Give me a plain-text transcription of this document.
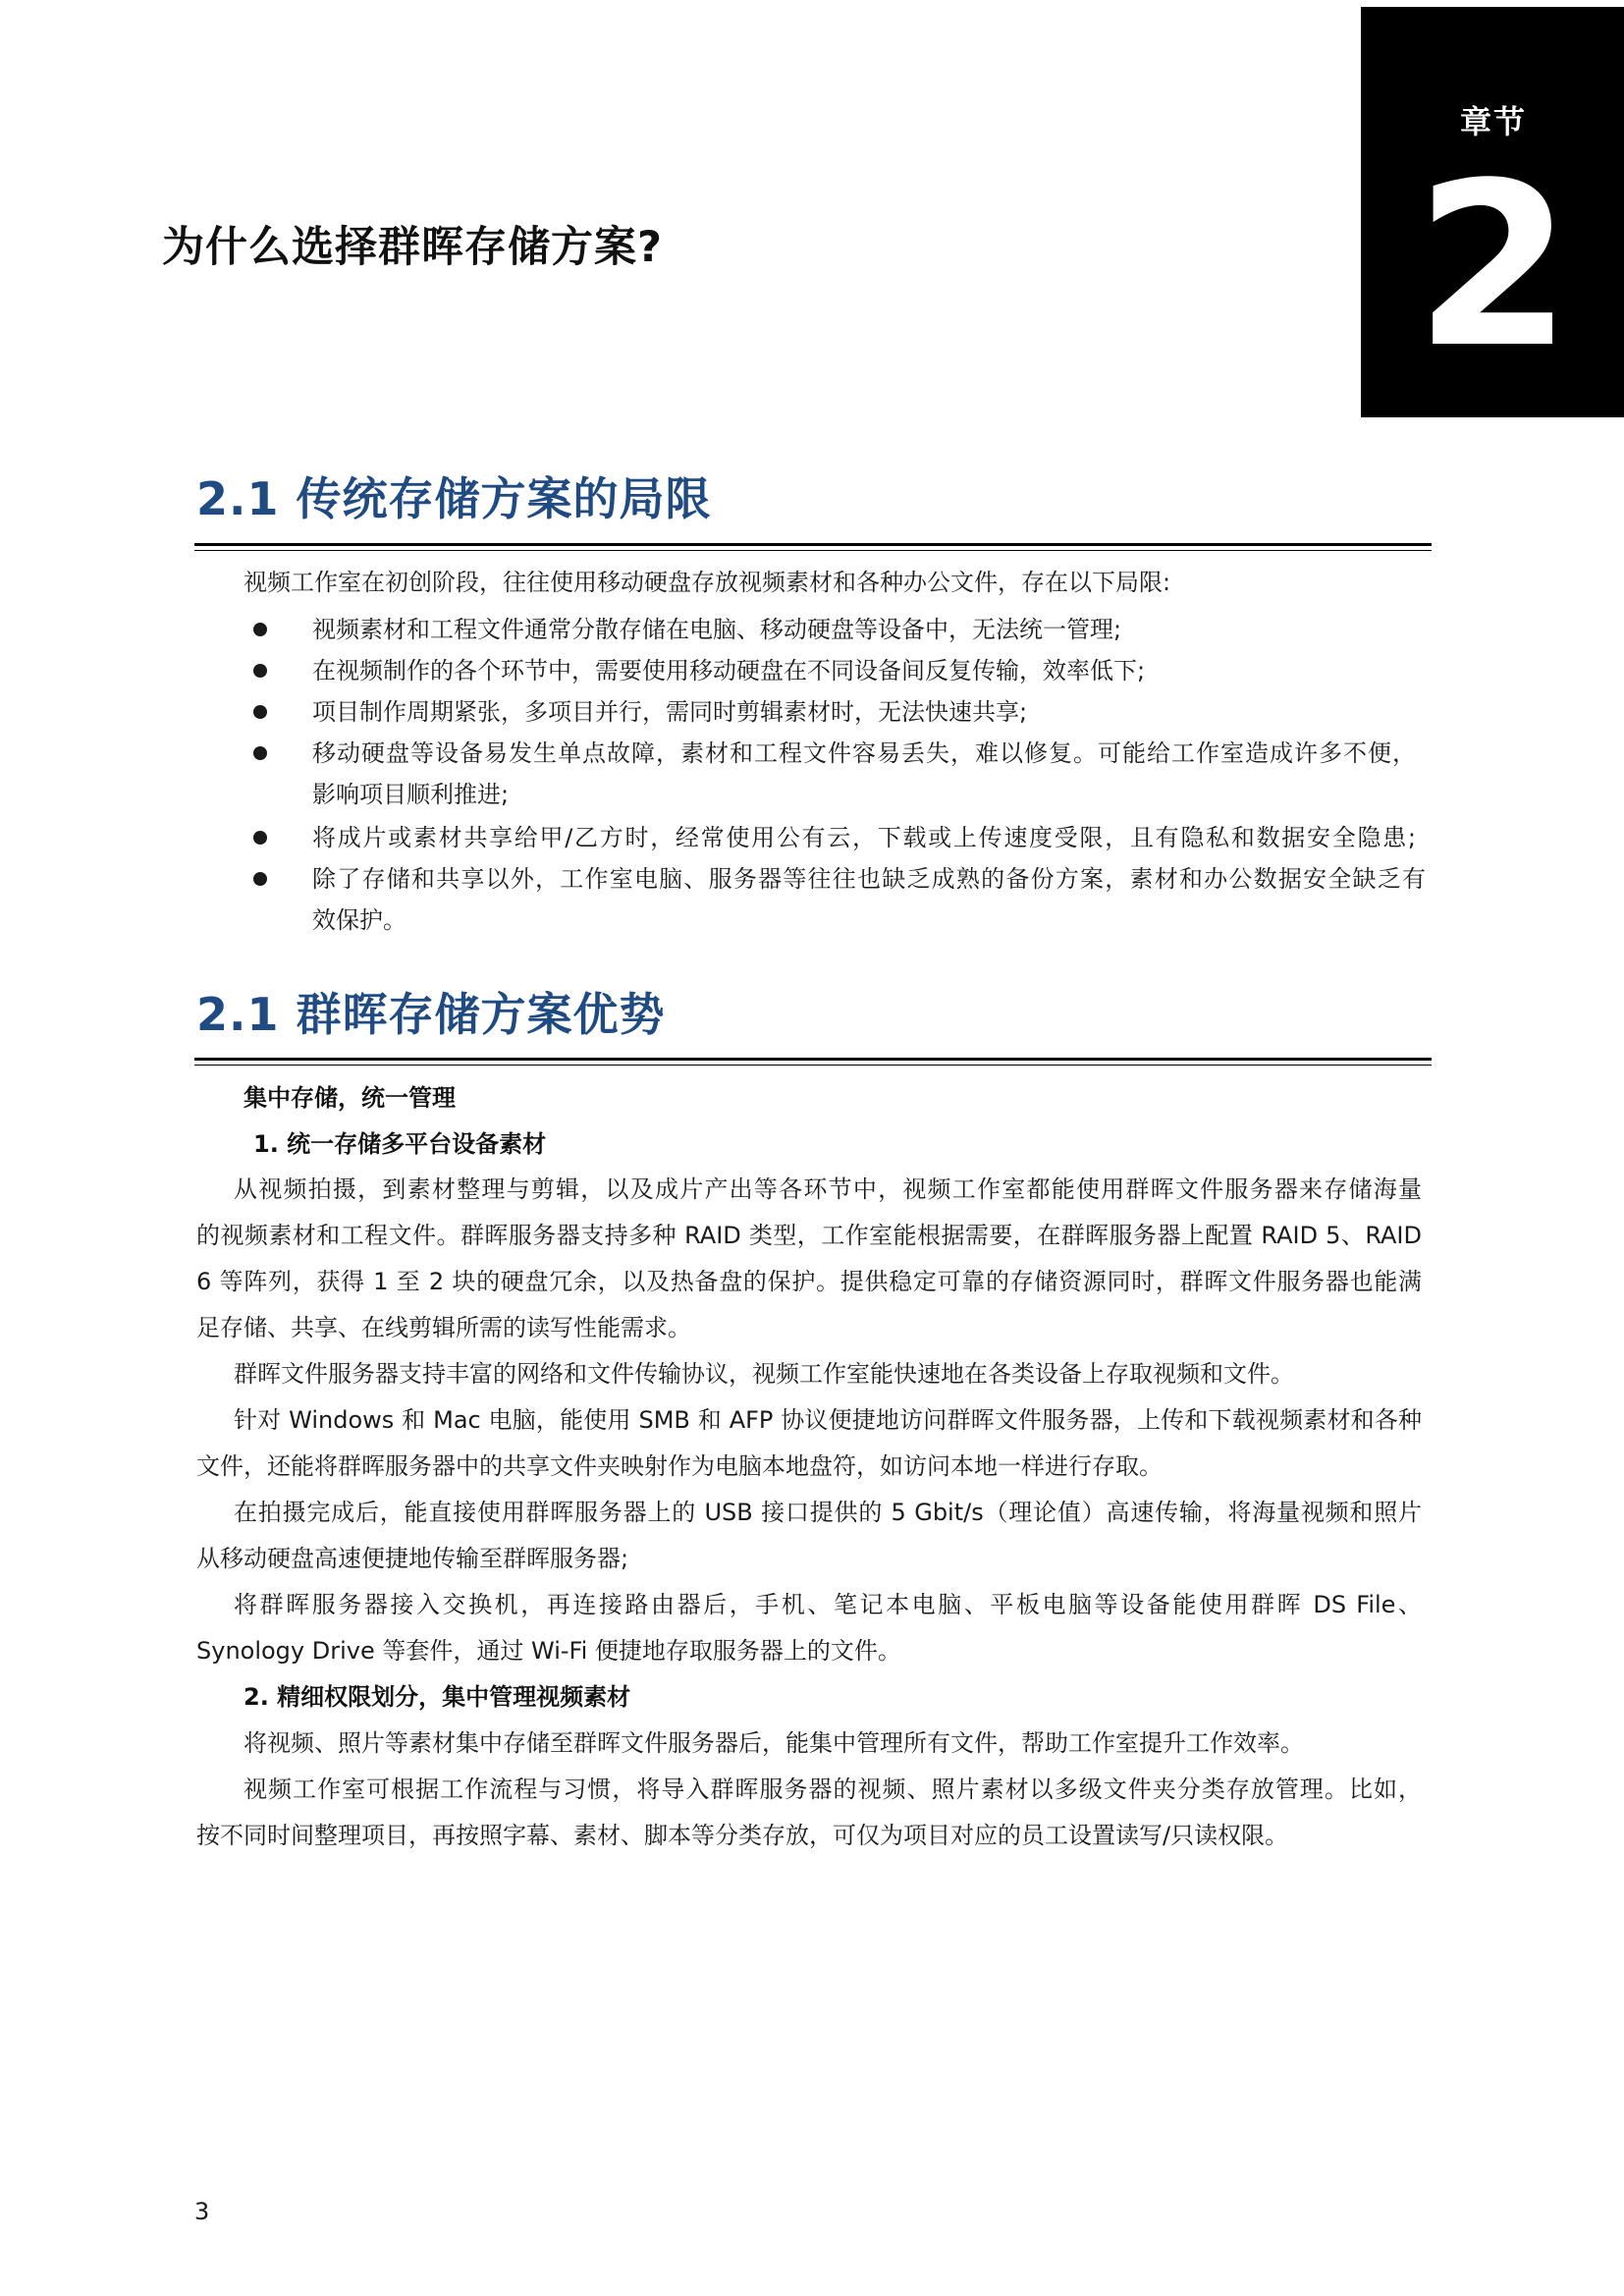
章节
2
为什么选择群晖存储方案?
2.1 传统存储方案的局限

视频工作室在初创阶段，往往使用移动硬盘存放视频素材和各种办公文件，存在以下局限:

视频素材和工程文件通常分散存储在电脑、移动硬盘等设备中，无法统一管理;

在视频制作的各个环节中，需要使用移动硬盘在不同设备间反复传输，效率低下;

项目制作周期紧张，多项目并行，需同时剪辑素材时，无法快速共享;

移动硬盘等设备易发生单点故障，素材和工程文件容易丢失，难以修复。可能给工作室造成许多不便，

影响项目顺利推进;

将成片或素材共享给甲/乙方时，经常使用公有云，下载或上传速度受限，且有隐私和数据安全隐患;

除了存储和共享以外，工作室电脑、服务器等往往也缺乏成熟的备份方案，素材和办公数据安全缺乏有

效保护。

2.1 群晖存储方案优势

集中存储，统一管理

1. 统一存储多平台设备素材

从视频拍摄，到素材整理与剪辑，以及成片产出等各环节中，视频工作室都能使用群晖文件服务器来存储海量

的视频素材和工程文件。群晖服务器支持多种 RAID 类型，工作室能根据需要，在群晖服务器上配置 RAID 5、RAID

6 等阵列，获得 1 至 2 块的硬盘冗余，以及热备盘的保护。提供稳定可靠的存储资源同时，群晖文件服务器也能满

足存储、共享、在线剪辑所需的读写性能需求。

群晖文件服务器支持丰富的网络和文件传输协议，视频工作室能快速地在各类设备上存取视频和文件。

针对 Windows 和 Mac 电脑，能使用 SMB 和 AFP 协议便捷地访问群晖文件服务器，上传和下载视频素材和各种

文件，还能将群晖服务器中的共享文件夹映射作为电脑本地盘符，如访问本地一样进行存取。

在拍摄完成后，能直接使用群晖服务器上的 USB 接口提供的 5 Gbit/s（理论值）高速传输，将海量视频和照片

从移动硬盘高速便捷地传输至群晖服务器;

将群晖服务器接入交换机，再连接路由器后，手机、笔记本电脑、平板电脑等设备能使用群晖 DS File、

Synology Drive 等套件，通过 Wi-Fi 便捷地存取服务器上的文件。

2. 精细权限划分，集中管理视频素材

将视频、照片等素材集中存储至群晖文件服务器后，能集中管理所有文件，帮助工作室提升工作效率。

视频工作室可根据工作流程与习惯，将导入群晖服务器的视频、照片素材以多级文件夹分类存放管理。比如，

按不同时间整理项目，再按照字幕、素材、脚本等分类存放，可仅为项目对应的员工设置读写/只读权限。

3
